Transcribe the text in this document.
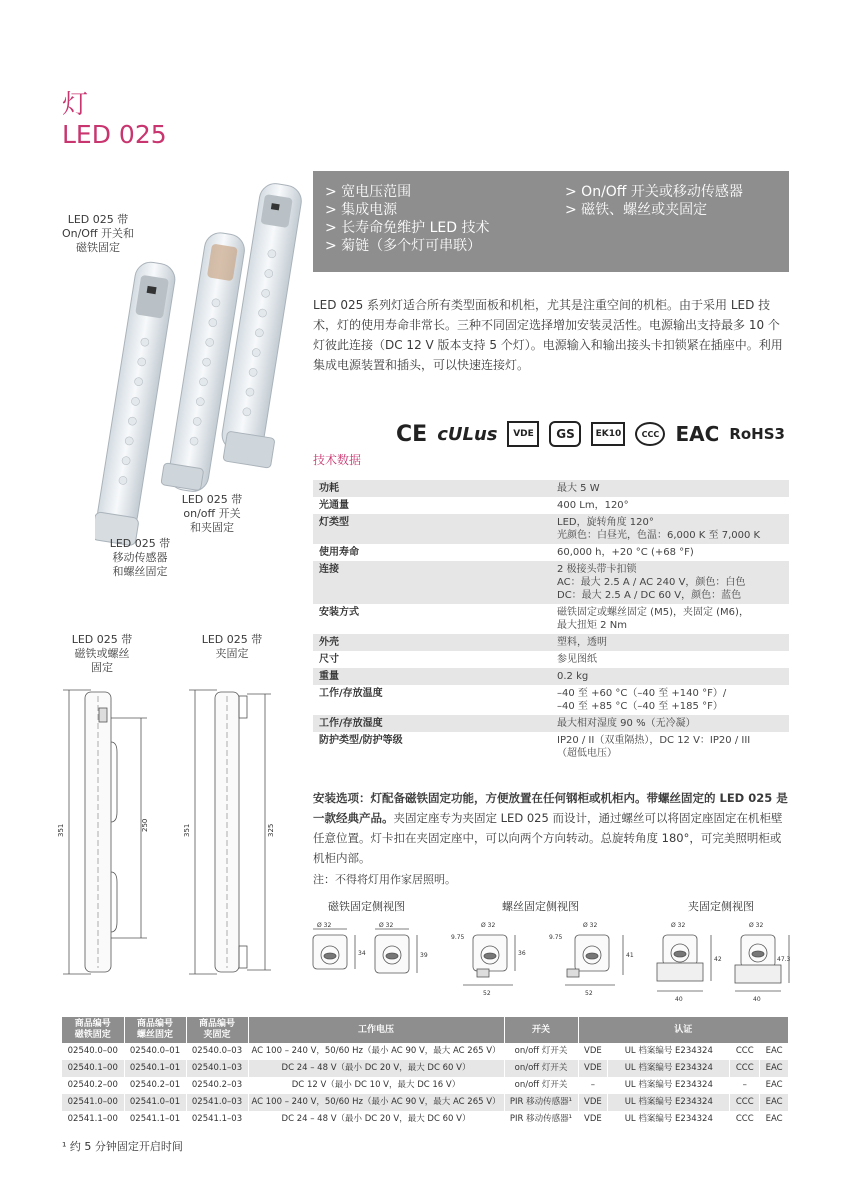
灯
LED 025
LED 025 带
On/Off 开关和
磁铁固定
LED 025 带
on/off 开关
和夹固定
LED 025 带
移动传感器
和螺丝固定
> 宽电压范围
> 集成电源
> 长寿命免维护 LED 技术
> 菊链（多个灯可串联）
> On/Off 开关或移动传感器
> 磁铁、螺丝或夹固定
LED 025 系列灯适合所有类型面板和机柜，尤其是注重空间的机柜。由于采用 LED 技术，灯的使用寿命非常长。三种不同固定选择增加安装灵活性。电源输出支持最多 10 个灯彼此连接（DC 12 V 版本支持 5 个灯）。电源输入和输出接头卡扣锁紧在插座中。利用集成电源装置和插头，可以快速连接灯。
CE cULus	VDE	GS	EK10	CCC EAC RoHS3
技术数据
功耗	最大 5 W

光通量	400 Lm，120°

灯类型	LED，旋转角度 120°
光颜色：白昼光，色温：6,000 K 至 7,000 K

使用寿命	60,000 h，+20 °C (+68 °F)

连接	2 极接头带卡扣锁
AC：最大 2.5 A / AC 240 V，颜色：白色
DC：最大 2.5 A / DC 60 V，颜色：蓝色

安装方式	磁铁固定或螺丝固定 (M5)，夹固定 (M6)，
最大扭矩 2 Nm

外壳	塑料，透明

尺寸	参见图纸

重量	0.2 kg

工作/存放温度	–40 至 +60 °C（–40 至 +140 °F）/
–40 至 +85 °C（–40 至 +185 °F）

工作/存放湿度	最大相对湿度 90 %（无冷凝）

防护类型/防护等级	IP20 / II（双重隔热），DC 12 V：IP20 / III
（超低电压）
安装选项：灯配备磁铁固定功能，方便放置在任何钢柜或机柜内。带螺丝固定的 LED 025 是一款经典产品。夹固定座专为夹固定 LED 025 而设计，通过螺丝可以将固定座固定在机柜壁任意位置。灯卡扣在夹固定座中，可以向两个方向转动。总旋转角度 180°，可完美照明柜或机柜内部。
注：不得将灯用作家居照明。
LED 025 带
磁铁或螺丝
固定
LED 025 带
夹固定
351	250	351	325
磁铁固定侧视图	螺丝固定侧视图	夹固定侧视图
Ø 32	Ø 32
34	39
9.75
Ø 32
9.75
Ø 32
36	41
52	52
Ø 32	Ø 32
42	47.3
40	40
商品编号
磁铁固定	商品编号
螺丝固定	商品编号
夹固定	工作电压	开关	认证			
02540.0–00	02540.0–01	02540.0–03	AC 100 – 240 V，50/60 Hz（最小 AC 90 V，最大 AC 265 V）	on/off 灯开关	VDE	UL 档案编号 E234324	CCC	EAC
02540.1–00	02540.1–01	02540.1–03	DC 24 – 48 V（最小 DC 20 V，最大 DC 60 V）	on/off 灯开关	VDE	UL 档案编号 E234324	CCC	EAC
02540.2–00	02540.2–01	02540.2–03	DC 12 V（最小 DC 10 V，最大 DC 16 V）	on/off 灯开关	–	UL 档案编号 E234324	–	EAC
02541.0–00	02541.0–01	02541.0–03	AC 100 – 240 V，50/60 Hz（最小 AC 90 V，最大 AC 265 V）	PIR 移动传感器¹	VDE	UL 档案编号 E234324	CCC	EAC
02541.1–00	02541.1–01	02541.1–03	DC 24 – 48 V（最小 DC 20 V，最大 DC 60 V）	PIR 移动传感器¹	VDE	UL 档案编号 E234324	CCC	EAC
¹ 约 5 分钟固定开启时间
